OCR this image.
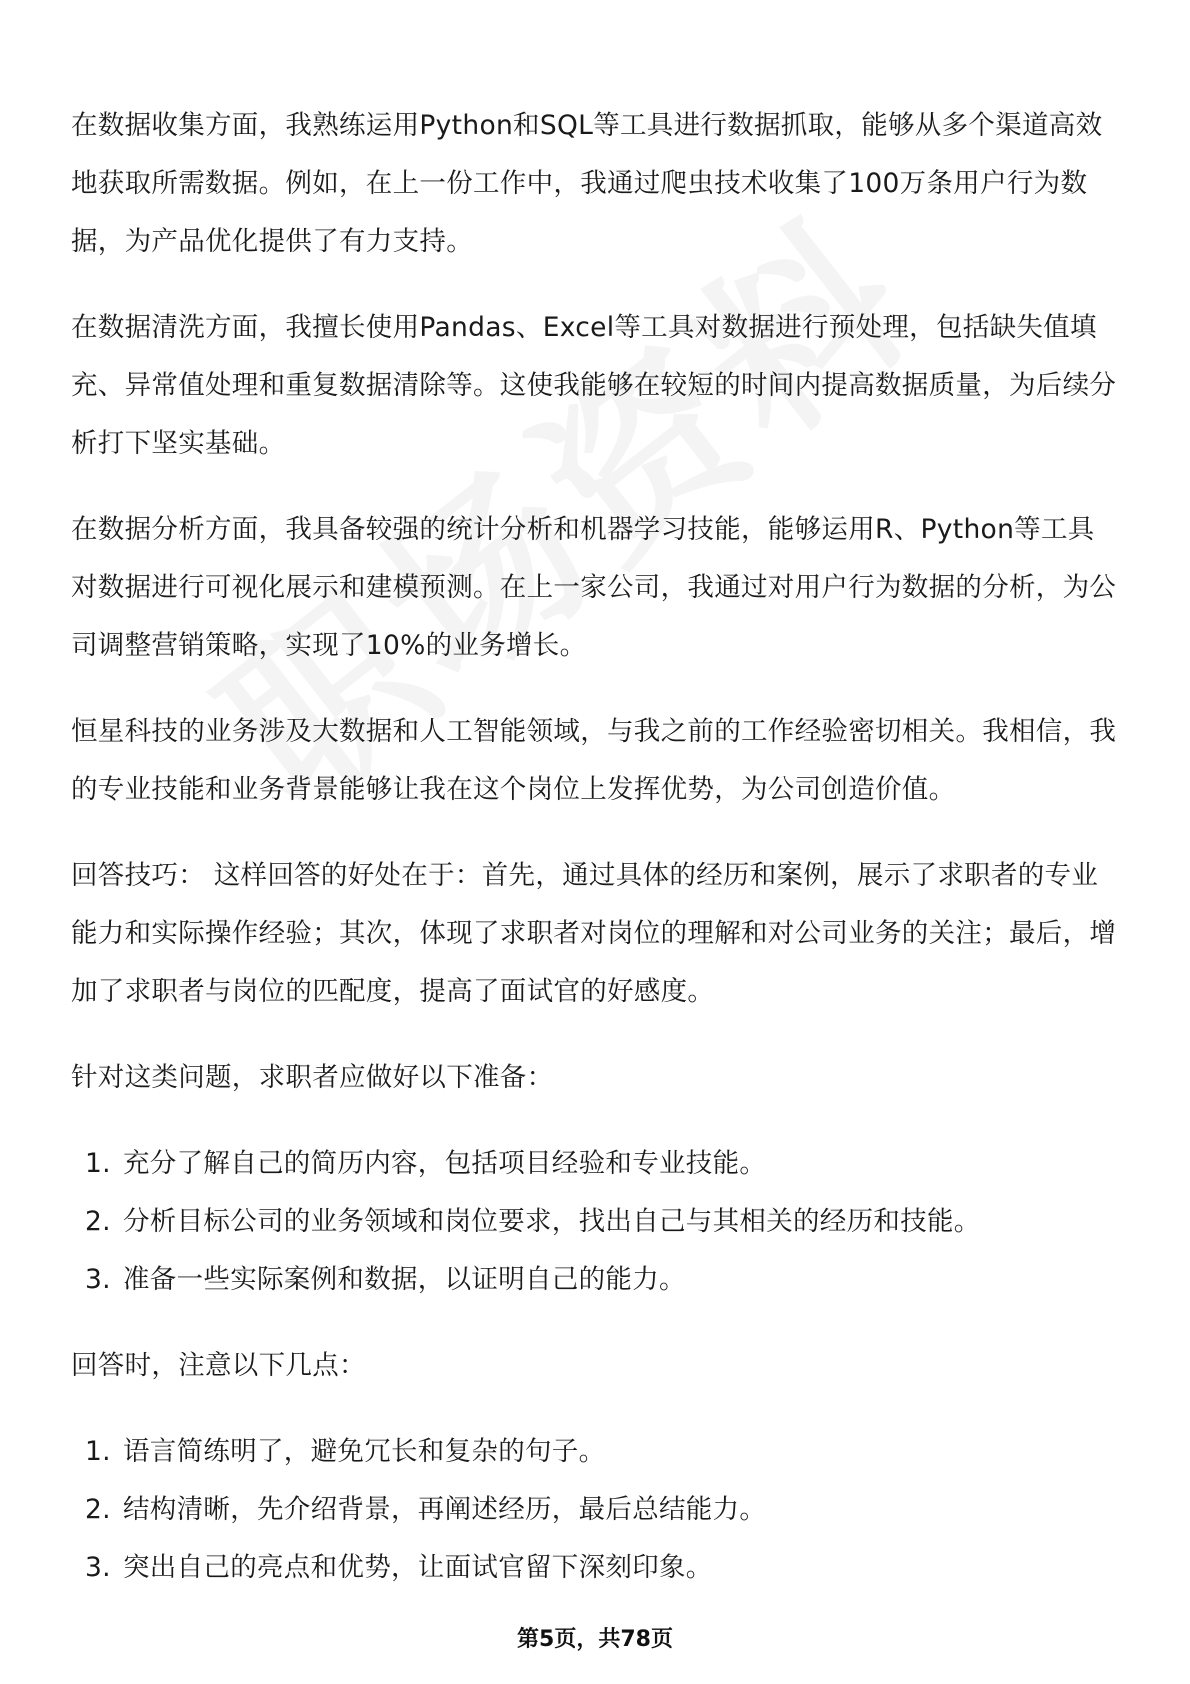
在数据收集方面，我熟练运用Python和SQL等工具进行数据抓取，能够从多个渠道高效地获取所需数据。例如，在上一份工作中，我通过爬虫技术收集了100万条用户行为数据，为产品优化提供了有力支持。

在数据清洗方面，我擅长使用Pandas、Excel等工具对数据进行预处理，包括缺失值填充、异常值处理和重复数据清除等。这使我能够在较短的时间内提高数据质量，为后续分析打下坚实基础。

在数据分析方面，我具备较强的统计分析和机器学习技能，能够运用R、Python等工具对数据进行可视化展示和建模预测。在上一家公司，我通过对用户行为数据的分析，为公司调整营销策略，实现了10%的业务增长。

恒星科技的业务涉及大数据和人工智能领域，与我之前的工作经验密切相关。我相信，我的专业技能和业务背景能够让我在这个岗位上发挥优势，为公司创造价值。

回答技巧： 这样回答的好处在于：首先，通过具体的经历和案例，展示了求职者的专业能力和实际操作经验；其次，体现了求职者对岗位的理解和对公司业务的关注；最后，增加了求职者与岗位的匹配度，提高了面试官的好感度。

针对这类问题，求职者应做好以下准备：

1. 充分了解自己的简历内容，包括项目经验和专业技能。
2. 分析目标公司的业务领域和岗位要求，找出自己与其相关的经历和技能。
3. 准备一些实际案例和数据，以证明自己的能力。

回答时，注意以下几点：

1. 语言简练明了，避免冗长和复杂的句子。
2. 结构清晰，先介绍背景，再阐述经历，最后总结能力。
3. 突出自己的亮点和优势，让面试官留下深刻印象。
第5页，共78页
